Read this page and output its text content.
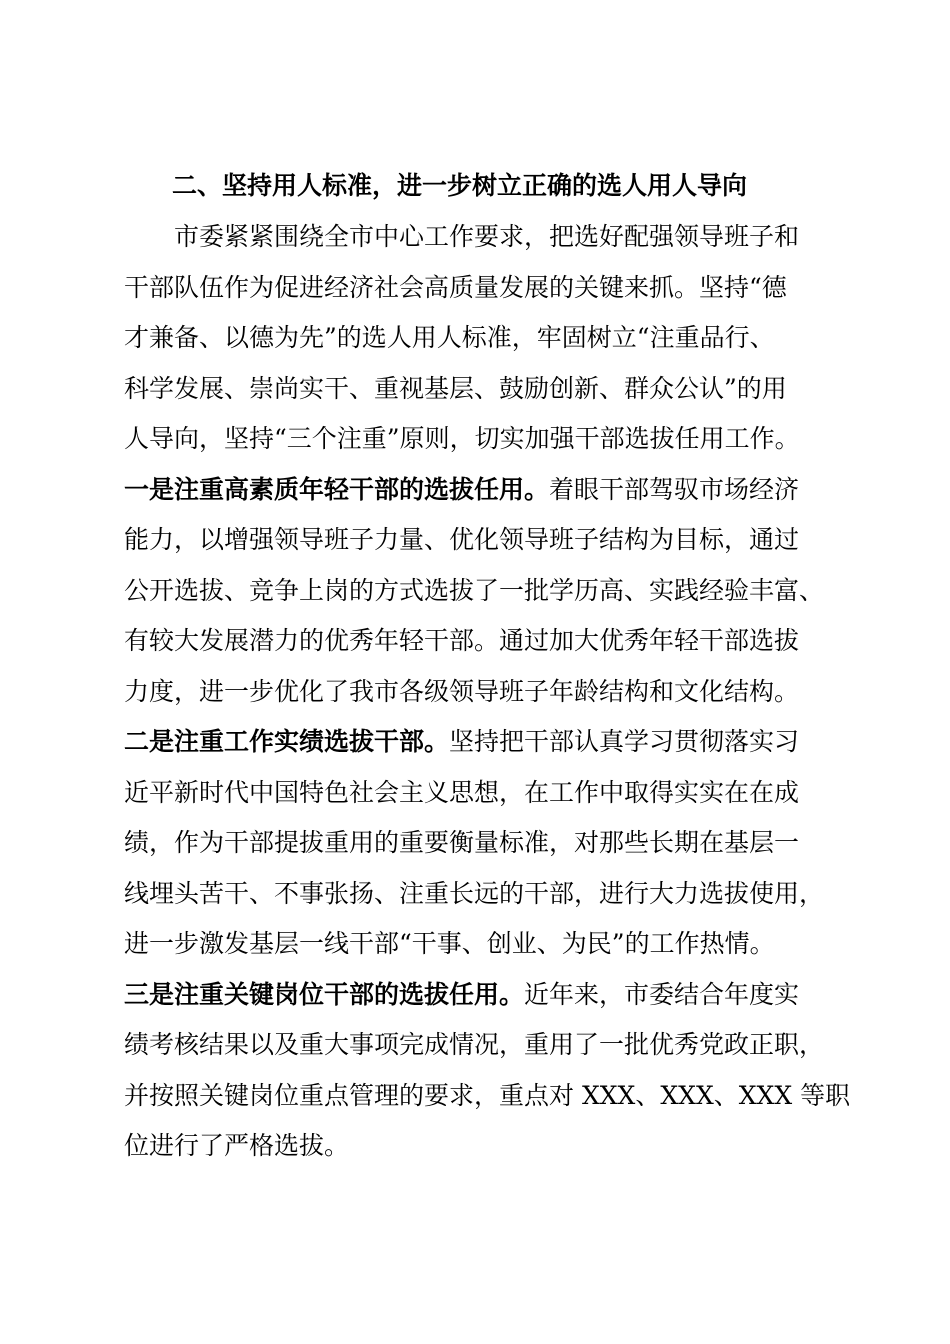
二、坚持用人标准，进一步树立正确的选人用人导向
市委紧紧围绕全市中心工作要求，把选好配强领导班子和
干部队伍作为促进经济社会高质量发展的关键来抓。坚持“德
才兼备、以德为先”的选人用人标准，牢固树立“注重品行、
科学发展、崇尚实干、重视基层、鼓励创新、群众公认”的用
人导向，坚持“三个注重”原则，切实加强干部选拔任用工作。
一是注重高素质年轻干部的选拔任用。着眼干部驾驭市场经济
能力，以增强领导班子力量、优化领导班子结构为目标，通过
公开选拔、竞争上岗的方式选拔了一批学历高、实践经验丰富、
有较大发展潜力的优秀年轻干部。通过加大优秀年轻干部选拔
力度，进一步优化了我市各级领导班子年龄结构和文化结构。
二是注重工作实绩选拔干部。坚持把干部认真学习贯彻落实习
近平新时代中国特色社会主义思想，在工作中取得实实在在成
绩，作为干部提拔重用的重要衡量标准，对那些长期在基层一
线埋头苦干、不事张扬、注重长远的干部，进行大力选拔使用，
进一步激发基层一线干部“干事、创业、为民”的工作热情。
三是注重关键岗位干部的选拔任用。近年来，市委结合年度实
绩考核结果以及重大事项完成情况，重用了一批优秀党政正职，
并按照关键岗位重点管理的要求，重点对 XXX、XXX、XXX 等职
位进行了严格选拔。
